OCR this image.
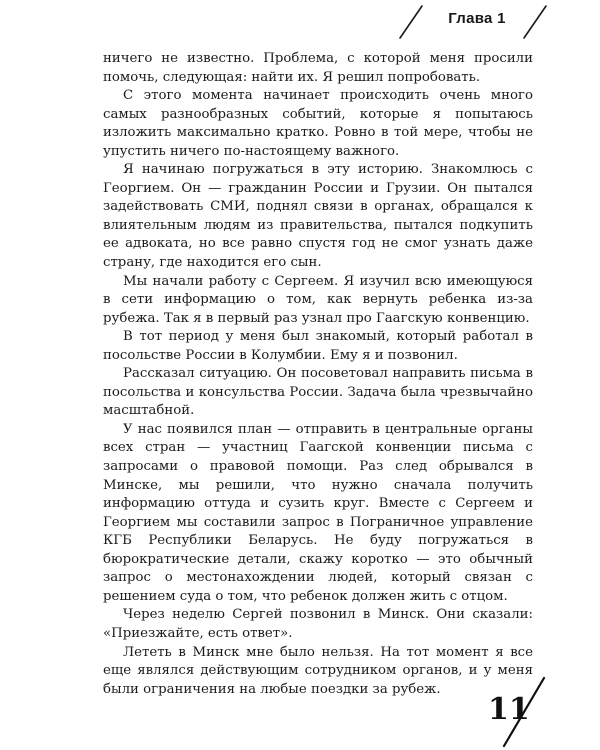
Глава 1

ничего не известно. Проблема, с которой меня просили помочь, следующая: найти их. Я решил попробовать.

С этого момента начинает происходить очень много самых разнообразных событий, которые я попытаюсь изложить максимально кратко. Ровно в той мере, чтобы не упустить ничего по-настоящему важного.

Я начинаю погружаться в эту историю. Знакомлюсь с Георгием. Он — гражданин России и Грузии. Он пытался задействовать СМИ, поднял связи в органах, обращался к влиятельным людям из правительства, пытался подкупить ее адвоката, но все равно спустя год не смог узнать даже страну, где находится его сын.

Мы начали работу с Сергеем. Я изучил всю имеющуюся в сети информацию о том, как вернуть ребенка из-за рубежа. Так я в первый раз узнал про Гаагскую конвенцию.

В тот период у меня был знакомый, который работал в посольстве России в Колумбии. Ему я и позвонил.

Рассказал ситуацию. Он посоветовал направить письма в посольства и консульства России. Задача была чрезвычайно масштабной.

У нас появился план — отправить в центральные органы всех стран — участниц Гаагской конвенции письма с запросами о правовой помощи. Раз след обрывался в Минске, мы решили, что нужно сначала получить информацию оттуда и сузить круг. Вместе с Сергеем и Георгием мы составили запрос в Пограничное управление КГБ Республики Беларусь. Не буду погружаться в бюрократические детали, скажу коротко — это обычный запрос о местонахождении людей, который связан с решением суда о том, что ребенок должен жить с отцом.

Через неделю Сергей позвонил в Минск. Они сказали: «Приезжайте, есть ответ».

Лететь в Минск мне было нельзя. На тот момент я все еще являлся действующим сотрудником органов, и у меня были ограничения на любые поездки за рубеж.

11
